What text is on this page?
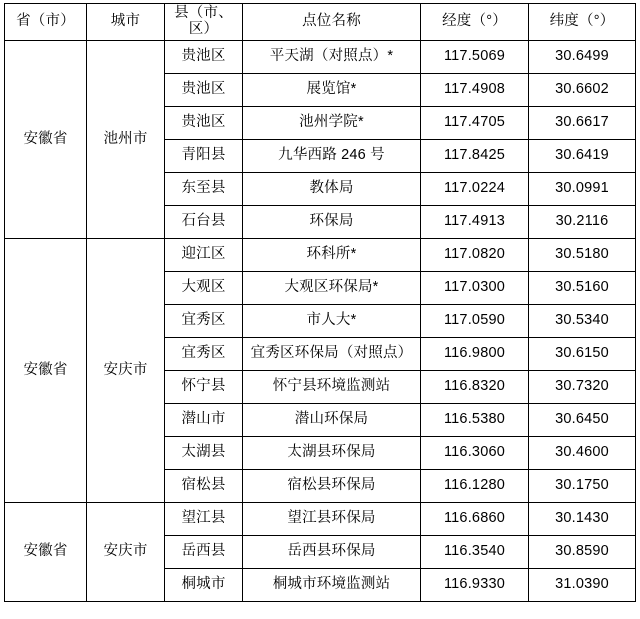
省（市）	城市	县（市、区）	点位名称	经度（°）	纬度（°）
安徽省	池州市	贵池区	平天湖（对照点）*	117.5069	30.6499
		贵池区	展览馆*	117.4908	30.6602
		贵池区	池州学院*	117.4705	30.6617
		青阳县	九华西路 246 号	117.8425	30.6419
		东至县	教体局	117.0224	30.0991
		石台县	环保局	117.4913	30.2116
安徽省	安庆市	迎江区	环科所*	117.0820	30.5180
		大观区	大观区环保局*	117.0300	30.5160
		宜秀区	市人大*	117.0590	30.5340
		宜秀区	宜秀区环保局（对照点）	116.9800	30.6150
		怀宁县	怀宁县环境监测站	116.8320	30.7320
		潜山市	潜山环保局	116.5380	30.6450
		太湖县	太湖县环保局	116.3060	30.4600
		宿松县	宿松县环保局	116.1280	30.1750
安徽省	安庆市	望江县	望江县环保局	116.6860	30.1430
		岳西县	岳西县环保局	116.3540	30.8590
		桐城市	桐城市环境监测站	116.9330	31.0390
